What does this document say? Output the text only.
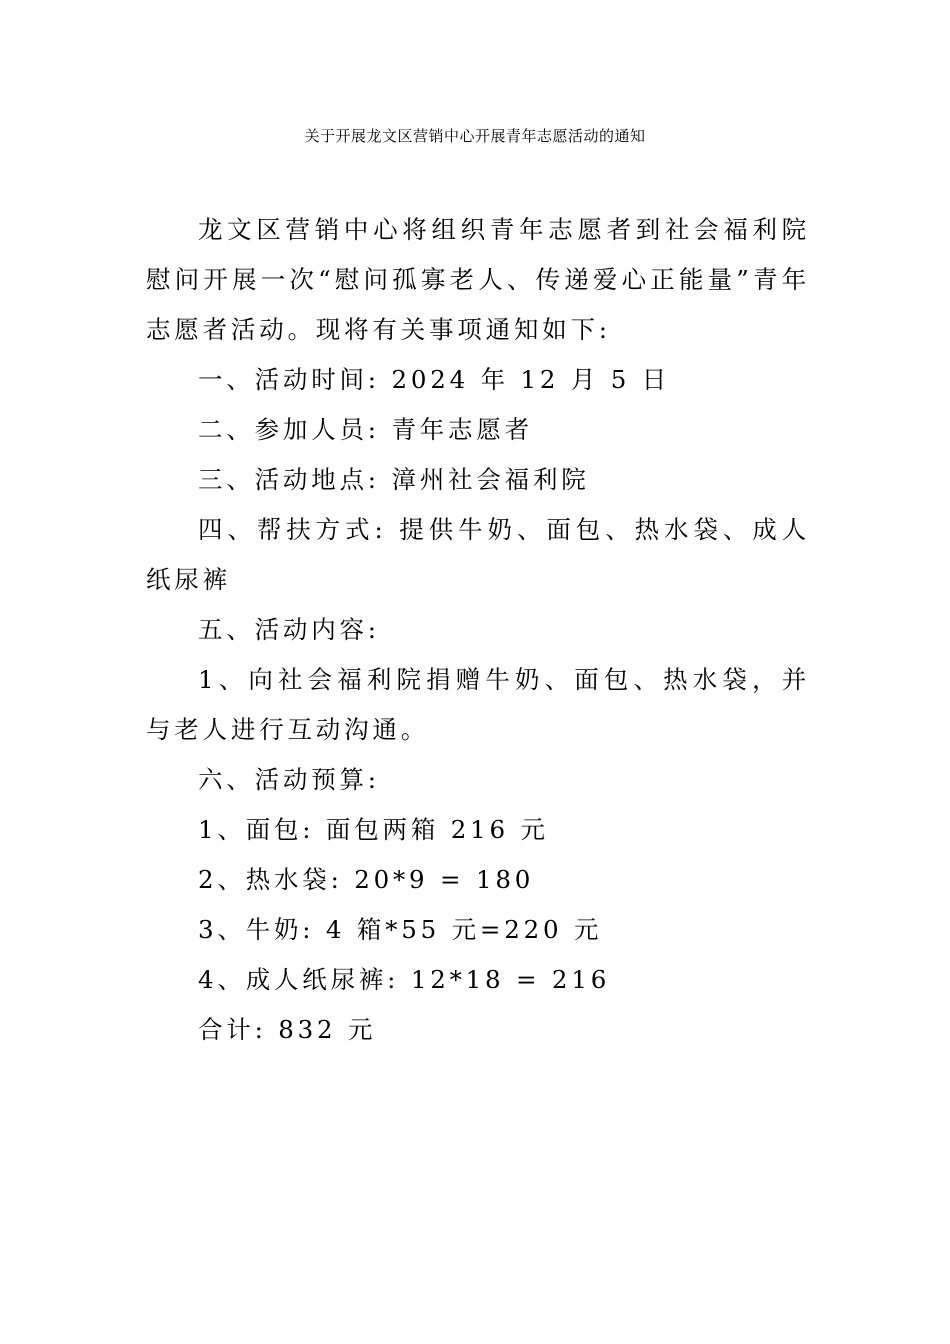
关于开展龙文区营销中心开展青年志愿活动的通知

龙文区营销中心将组织青年志愿者到社会福利院慰问开展一次“慰问孤寡老人、传递爱心正能量”青年志愿者活动。现将有关事项通知如下:

一、活动时间: 2024 年 12 月 5 日

二、参加人员: 青年志愿者

三、活动地点: 漳州社会福利院

四、帮扶方式: 提供牛奶、面包、热水袋、成人纸尿裤

五、活动内容:

1、向社会福利院捐赠牛奶、面包、热水袋，并与老人进行互动沟通。

六、活动预算:

1、面包: 面包两箱 216 元

2、热水袋: 20*9 = 180

3、牛奶: 4 箱*55 元=220 元

4、成人纸尿裤: 12*18 = 216

合计: 832 元
